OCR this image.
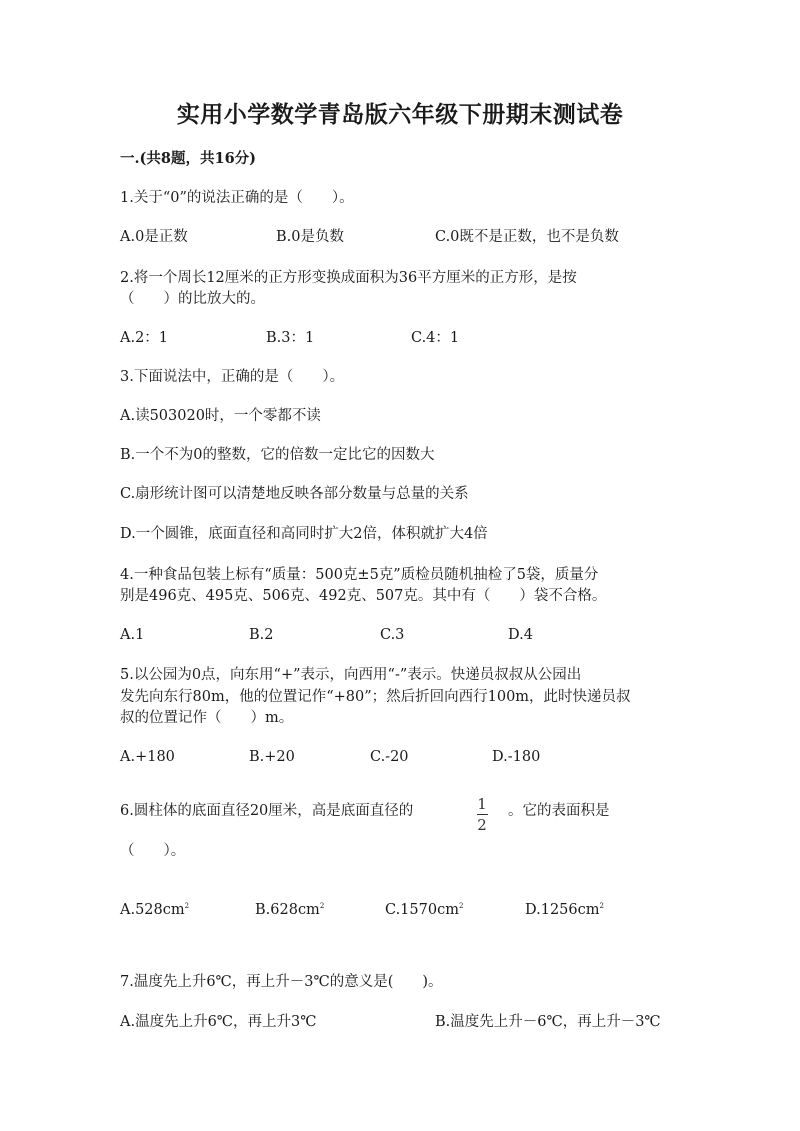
实用小学数学青岛版六年级下册期末测试卷
一.(共8题，共16分)
1.关于“0”的说法正确的是（　　）。
A.0是正数	B.0是负数	C.0既不是正数，也不是负数
2.将一个周长12厘米的正方形变换成面积为36平方厘米的正方形，是按
（　　）的比放大的。
A.2：1	B.3：1	C.4：1
3.下面说法中，正确的是（　　）。
A.读503020时，一个零都不读
B.一个不为0的整数，它的倍数一定比它的因数大
C.扇形统计图可以清楚地反映各部分数量与总量的关系
D.一个圆锥，底面直径和高同时扩大2倍，体积就扩大4倍
4.一种食品包装上标有“质量：500克±5克”质检员随机抽检了5袋，质量分
别是496克、495克、506克、492克、507克。其中有（　　）袋不合格。
A.1	B.2	C.3	D.4
5.以公园为0点，向东用“+”表示，向西用“-”表示。快递员叔叔从公园出
发先向东行80m，他的位置记作“+80”；然后折回向西行100m，此时快递员叔
叔的位置记作（　　）m。
A.+180	B.+20	C.-20	D.-180
6.圆柱体的底面直径20厘米，高是底面直径的	1
2
。它的表面积是
（　　）。
$A.528cm^2$	$B.628cm^2$	$C.1570cm^2$	$D.1256cm^2$
7.温度先上升6℃，再上升－3℃的意义是(　　)。
A.温度先上升6℃，再上升3℃	B.温度先上升－6℃，再上升－3℃
